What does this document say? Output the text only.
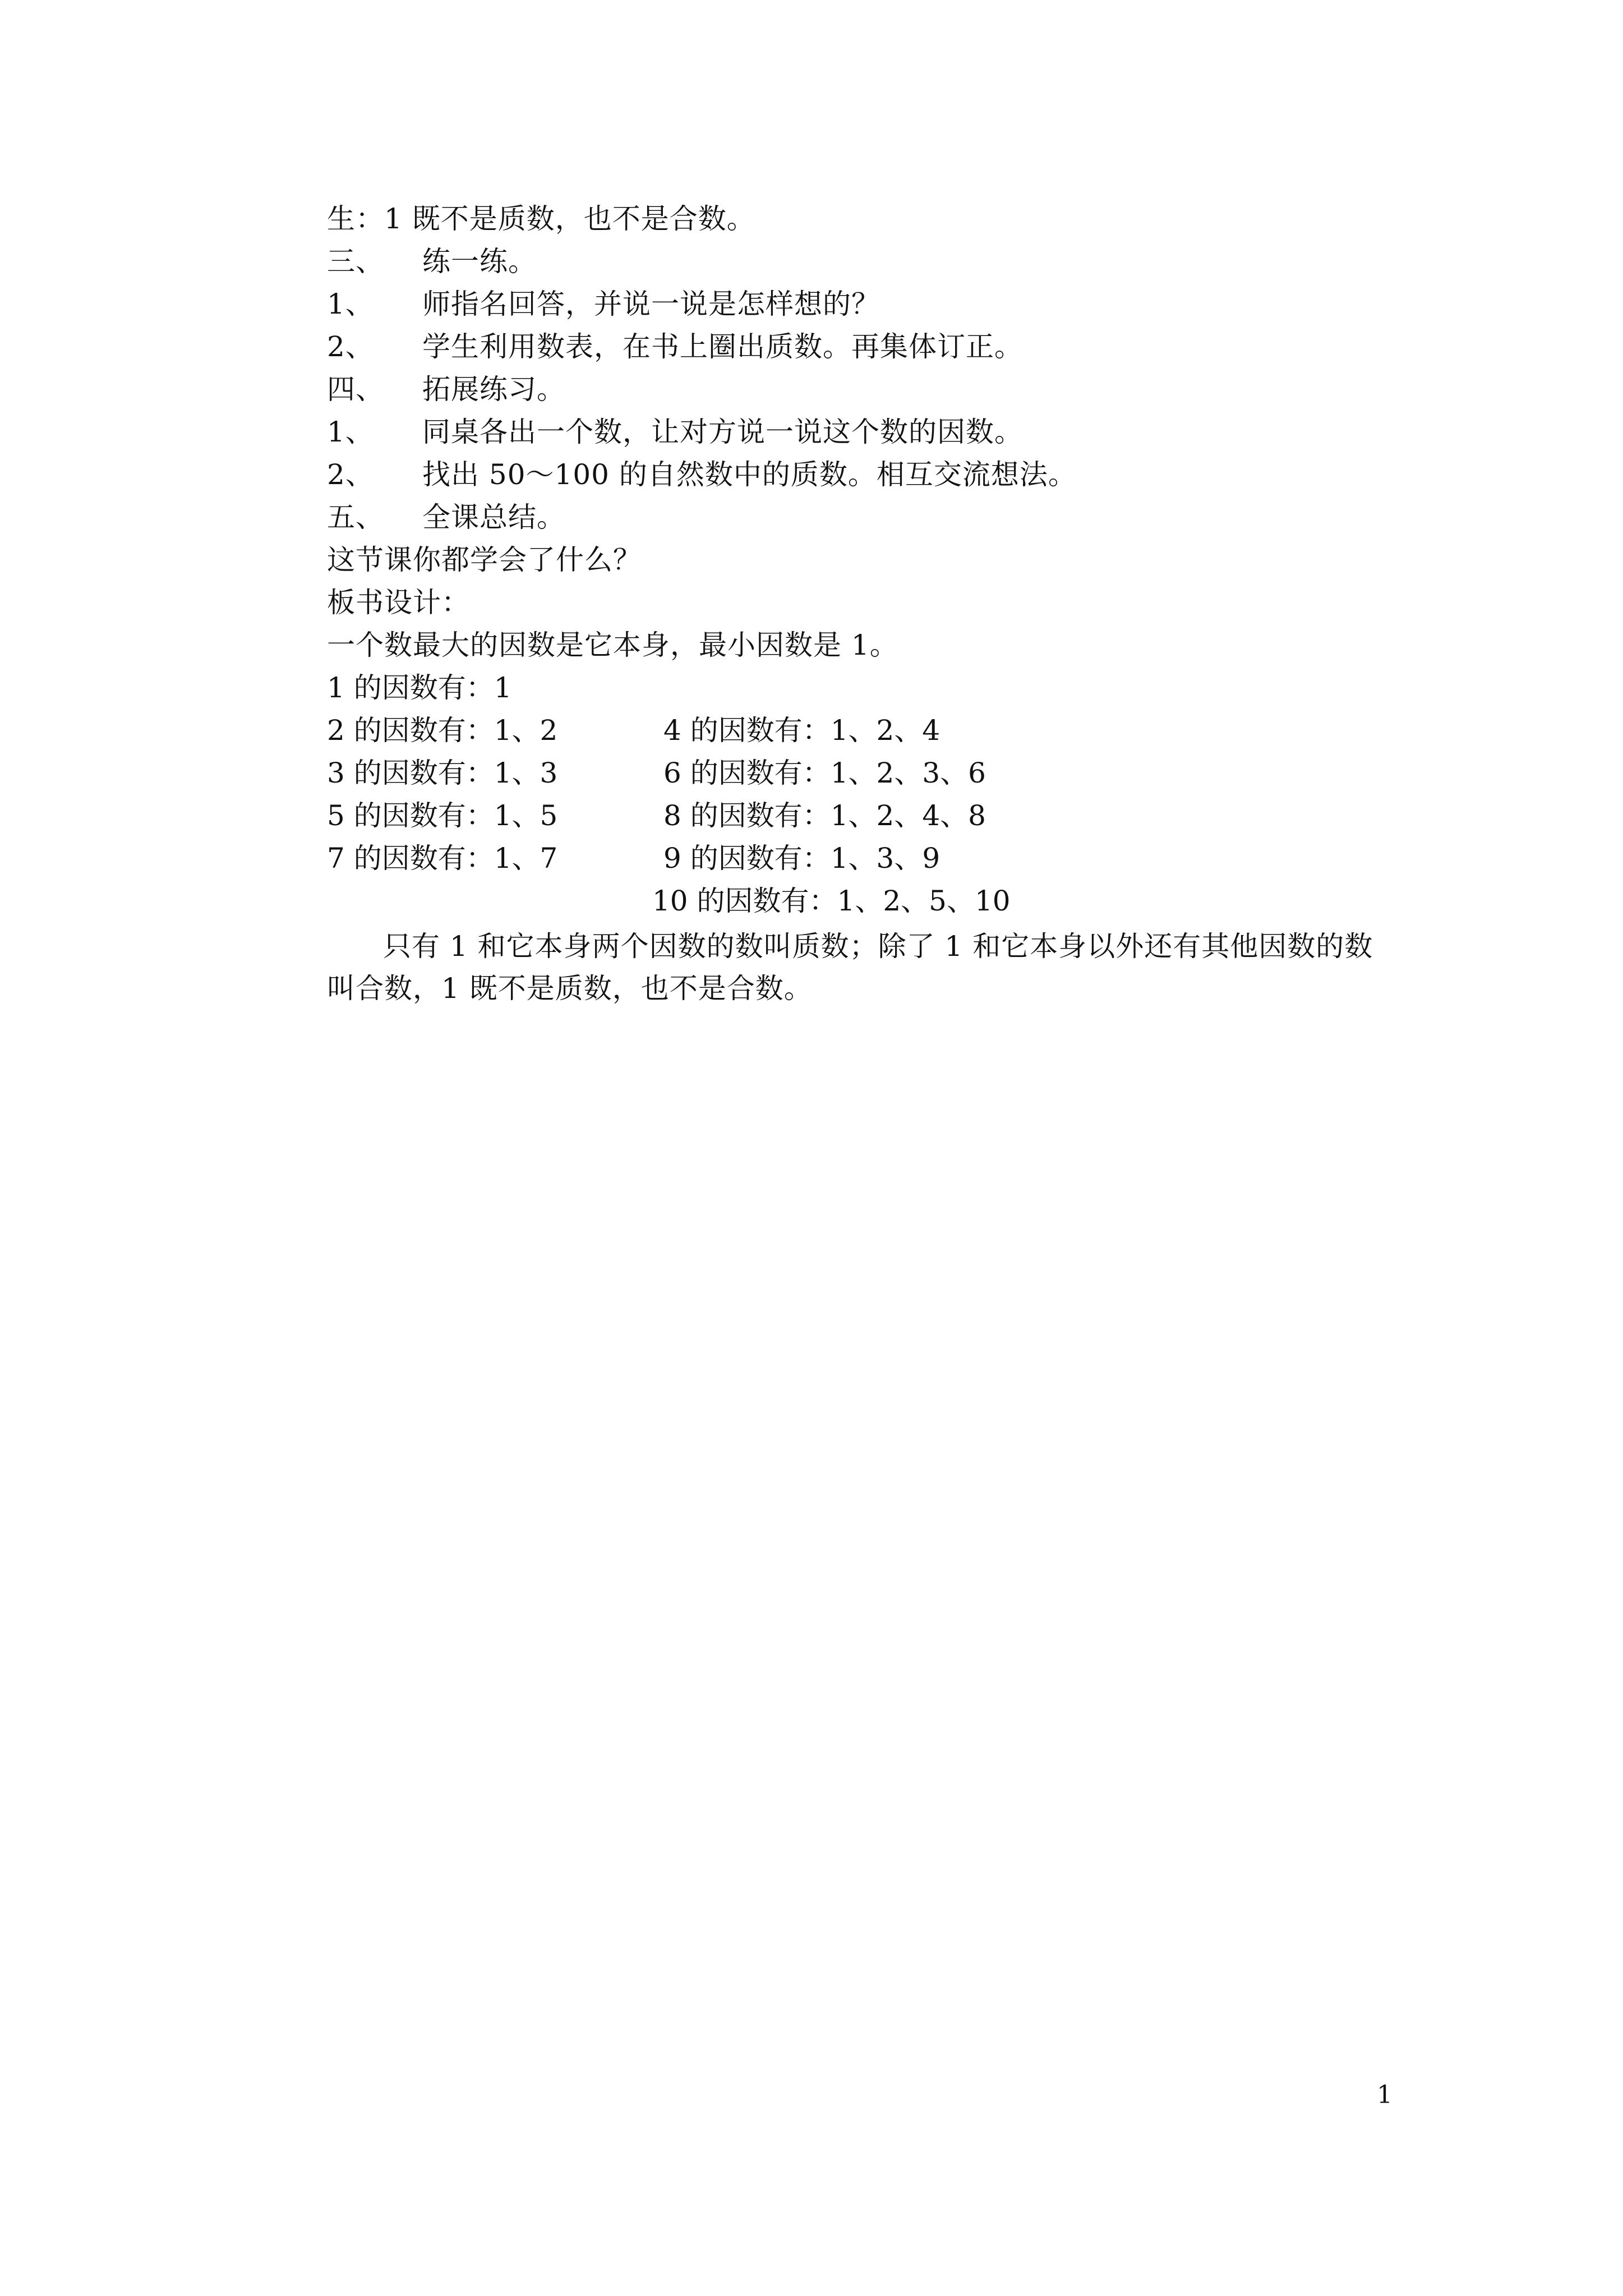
生：1 既不是质数，也不是合数。
三、 练一练。
1、 师指名回答，并说一说是怎样想的？
2、 学生利用数表，在书上圈出质数。再集体订正。
四、 拓展练习。
1、 同桌各出一个数，让对方说一说这个数的因数。
2、 找出 50～100 的自然数中的质数。相互交流想法。
五、 全课总结。
这节课你都学会了什么？
板书设计：
一个数最大的因数是它本身，最小因数是 1。
1 的因数有：1
2 的因数有：1、2
3 的因数有：1、3
5 的因数有：1、5
7 的因数有：1、7
4 的因数有：1、2、4
6 的因数有：1、2、3、6
8 的因数有：1、2、4、8
9 的因数有：1、3、9
10 的因数有：1、2、5、10
只有 1 和它本身两个因数的数叫质数；除了 1 和它本身以外还有其他因数的数叫合数，1 既不是质数，也不是合数。
1
